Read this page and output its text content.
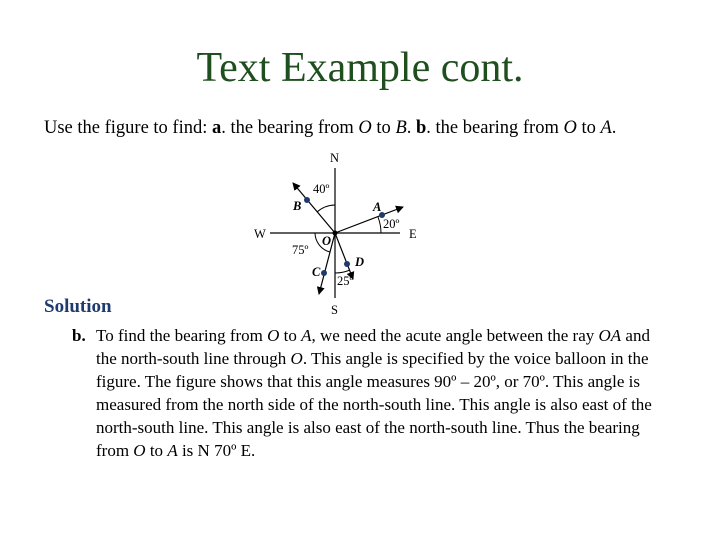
Text Example cont.
Use the figure to find: a. the bearing from O to B. b. the bearing from O to A.
N
S
E
W
B	A
O
C
D
40º
20º
75º
25º
Solution
b. To find the bearing from O to A, we need the acute angle between the ray OA and the north-south line through O. This angle is specified by the voice balloon in the figure. The figure shows that this angle measures 90º – 20º, or 70º. This angle is measured from the north side of the north-south line. This angle is also east of the north-south line. This angle is also east of the north-south line. Thus the bearing from O to A is N 70º E.
